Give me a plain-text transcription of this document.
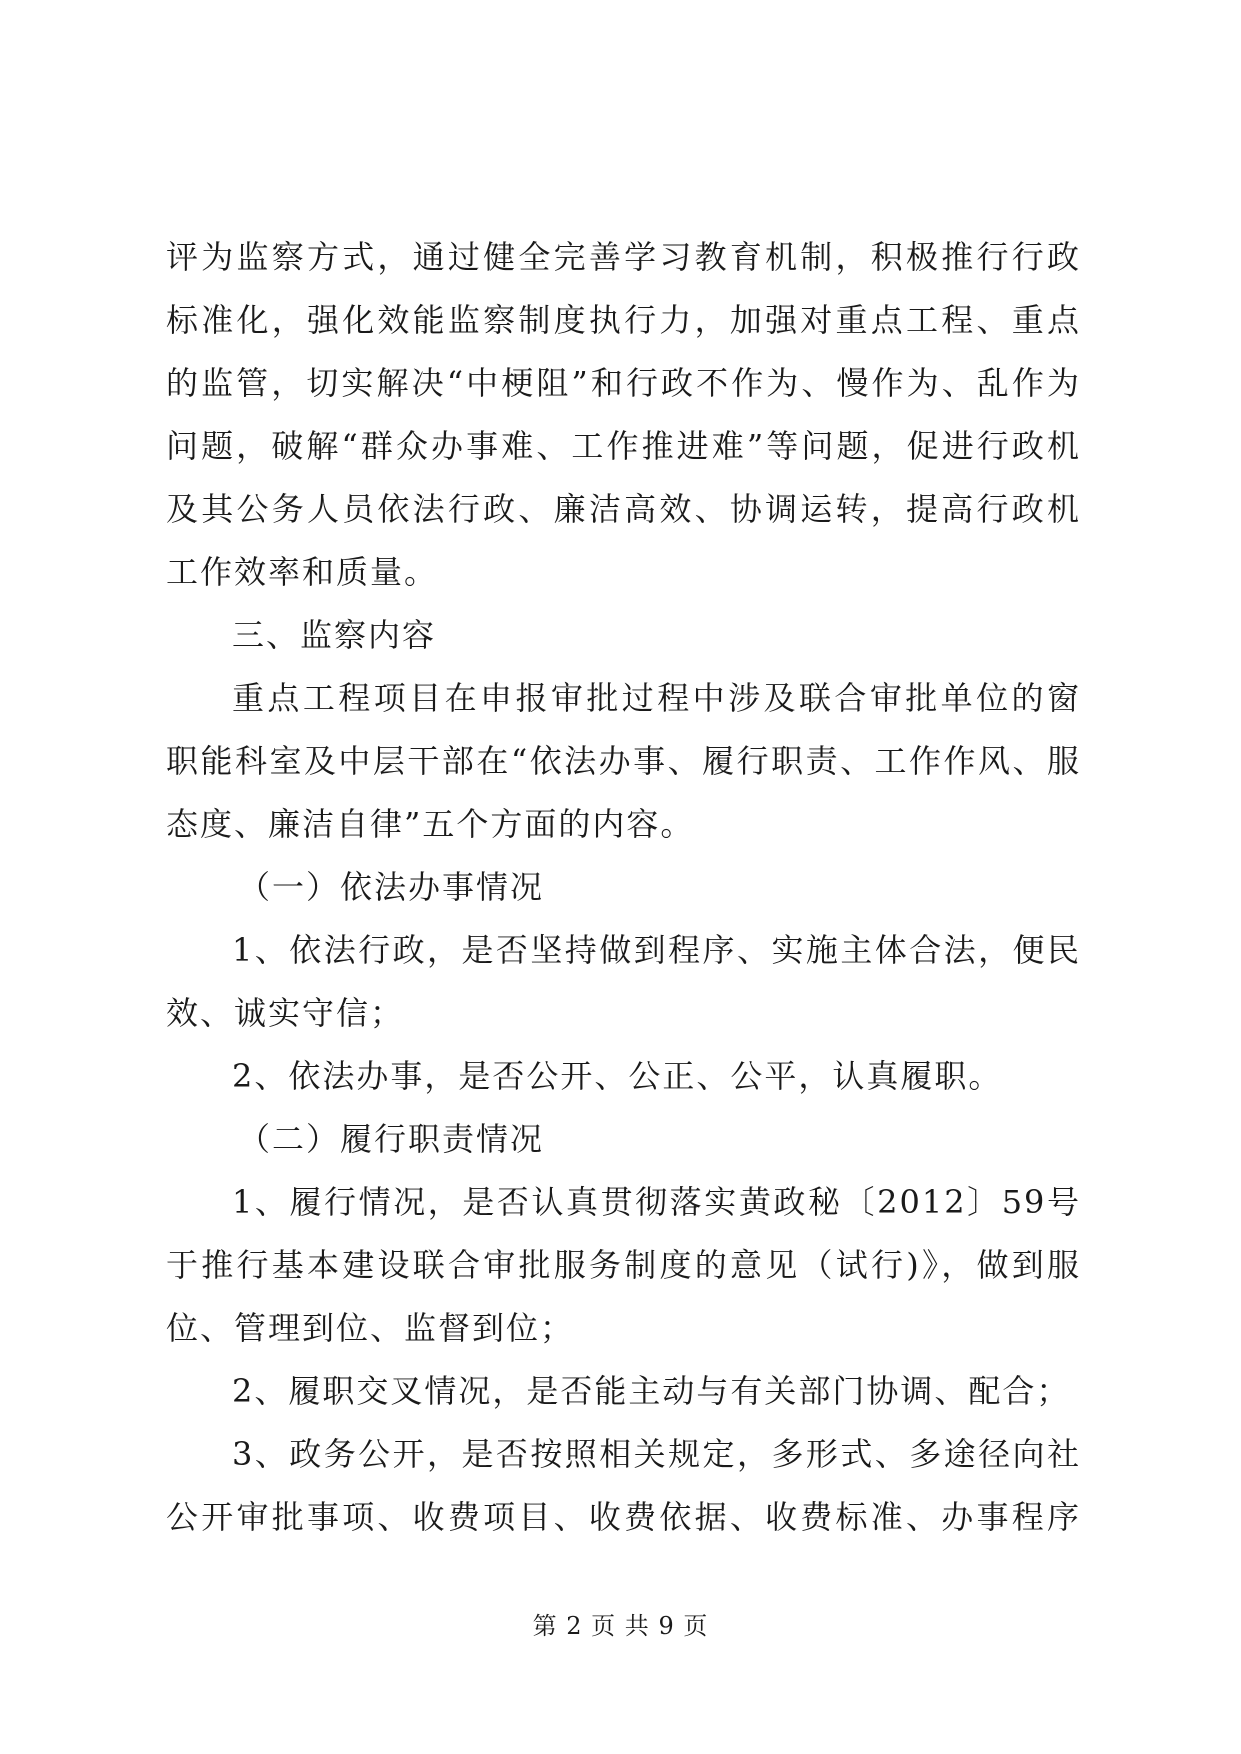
评为监察方式，通过健全完善学习教育机制，积极推行行政
标准化，强化效能监察制度执行力，加强对重点工程、重点
的监管，切实解决“中梗阻”和行政不作为、慢作为、乱作为
问题，破解“群众办事难、工作推进难”等问题，促进行政机
及其公务人员依法行政、廉洁高效、协调运转，提高行政机
工作效率和质量。
三、监察内容
重点工程项目在申报审批过程中涉及联合审批单位的窗
职能科室及中层干部在“依法办事、履行职责、工作作风、服
态度、廉洁自律”五个方面的内容。
（一）依法办事情况
1、依法行政，是否坚持做到程序、实施主体合法，便民
效、诚实守信；
2、依法办事，是否公开、公正、公平，认真履职。
（二）履行职责情况
1、履行情况，是否认真贯彻落实黄政秘〔2012〕59号
于推行基本建设联合审批服务制度的意见（试行)》，做到服
位、管理到位、监督到位；
2、履职交叉情况，是否能主动与有关部门协调、配合；
3、政务公开，是否按照相关规定，多形式、多途径向社
公开审批事项、收费项目、收费依据、收费标准、办事程序
第 2 页 共 9 页
